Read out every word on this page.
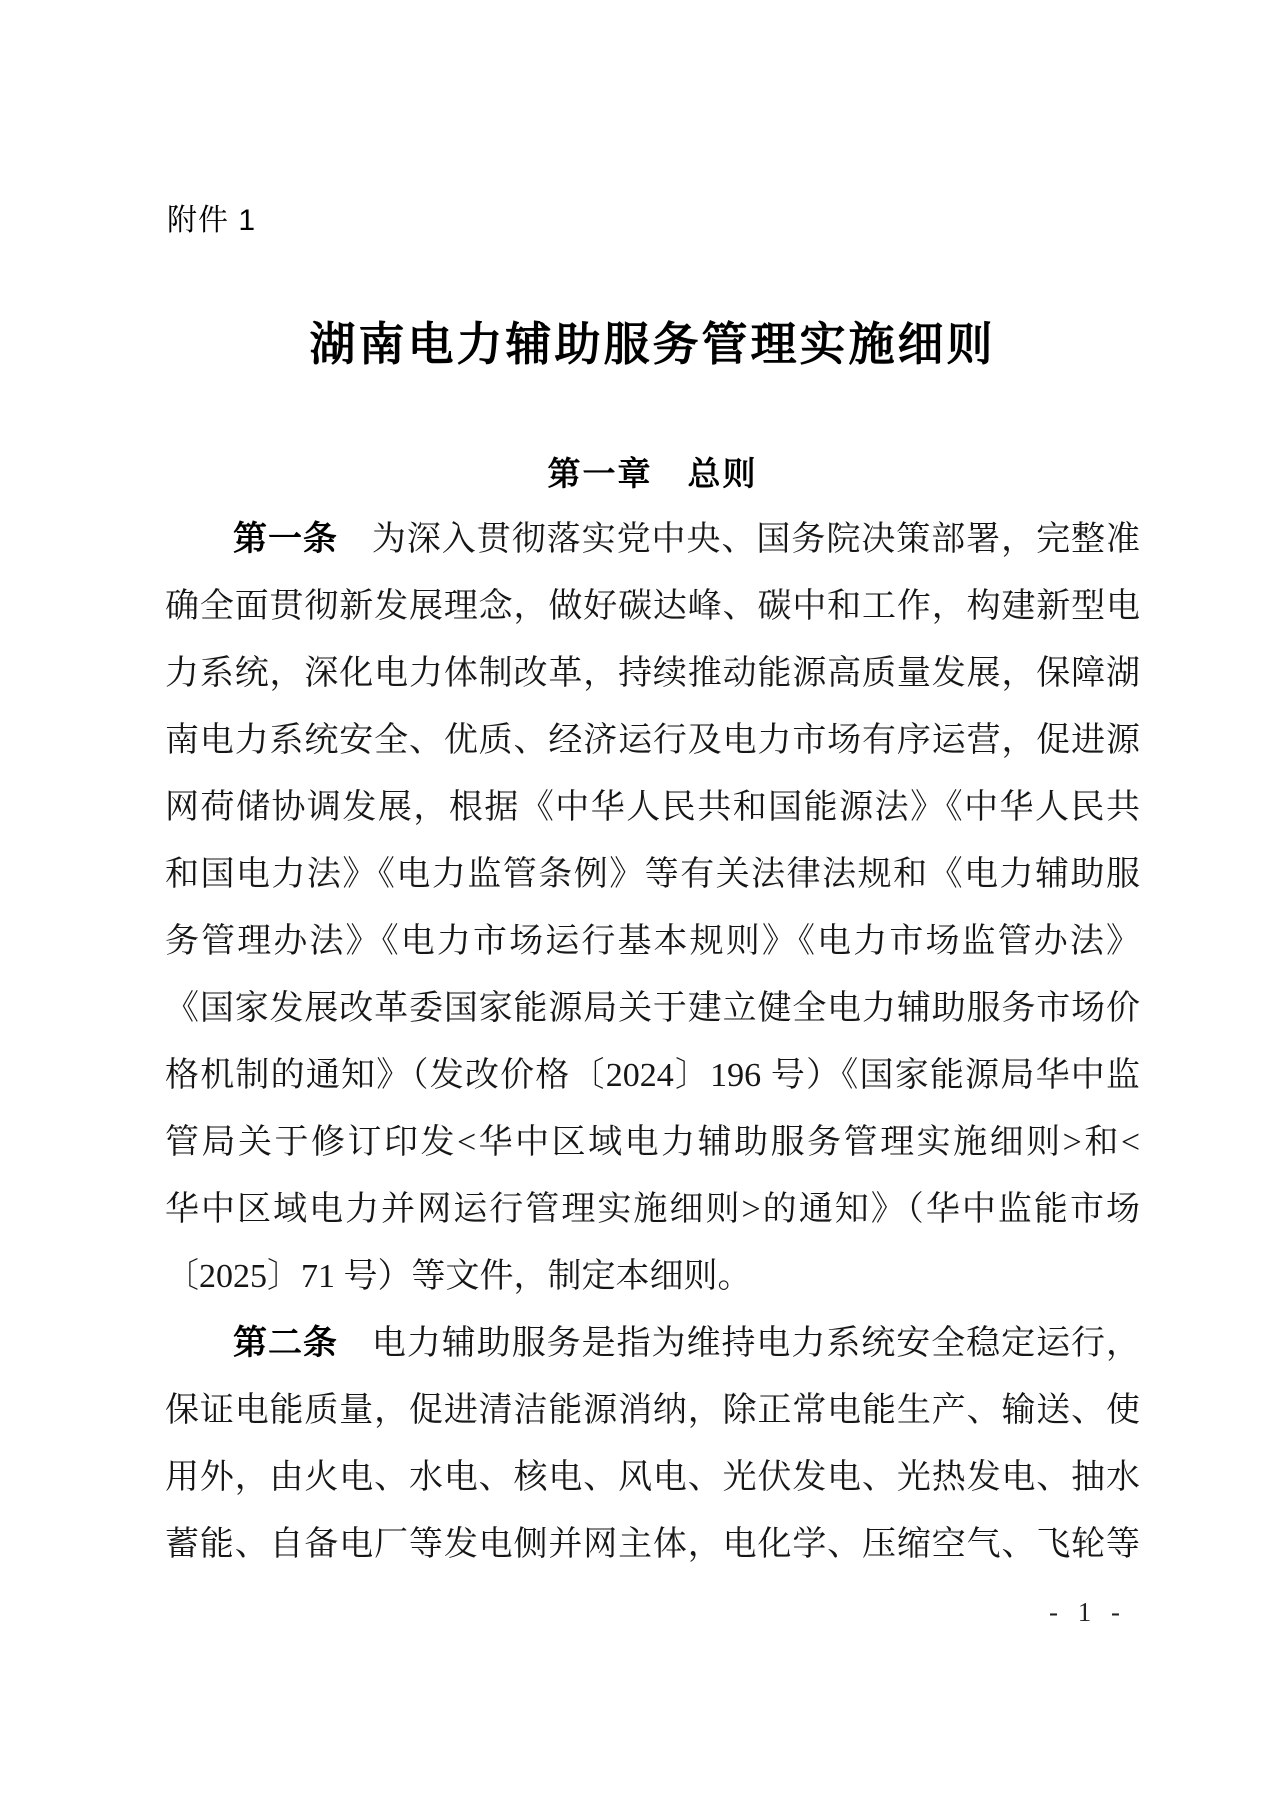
附件 1
湖南电力辅助服务管理实施细则
第一章　总则
第一条 为深入贯彻落实党中央、国务院决策部署，完整准
确全面贯彻新发展理念，做好碳达峰、碳中和工作，构建新型电
力系统，深化电力体制改革，持续推动能源高质量发展，保障湖
南电力系统安全、优质、经济运行及电力市场有序运营，促进源
网荷储协调发展，根据《中华人民共和国能源法》《中华人民共
和国电力法》《电力监管条例》等有关法律法规和《电力辅助服
务管理办法》《电力市场运行基本规则》《电力市场监管办法》
《国家发展改革委国家能源局关于建立健全电力辅助服务市场价
格机制的通知》（发改价格〔2024〕196 号）《国家能源局华中监
管局关于修订印发<华中区域电力辅助服务管理实施细则>和<
华中区域电力并网运行管理实施细则>的通知》（华中监能市场
〔2025〕71 号）等文件，制定本细则。
第二条 电力辅助服务是指为维持电力系统安全稳定运行，
保证电能质量，促进清洁能源消纳，除正常电能生产、输送、使
用外，由火电、水电、核电、风电、光伏发电、光热发电、抽水
蓄能、自备电厂等发电侧并网主体，电化学、压缩空气、飞轮等
- 1 -
